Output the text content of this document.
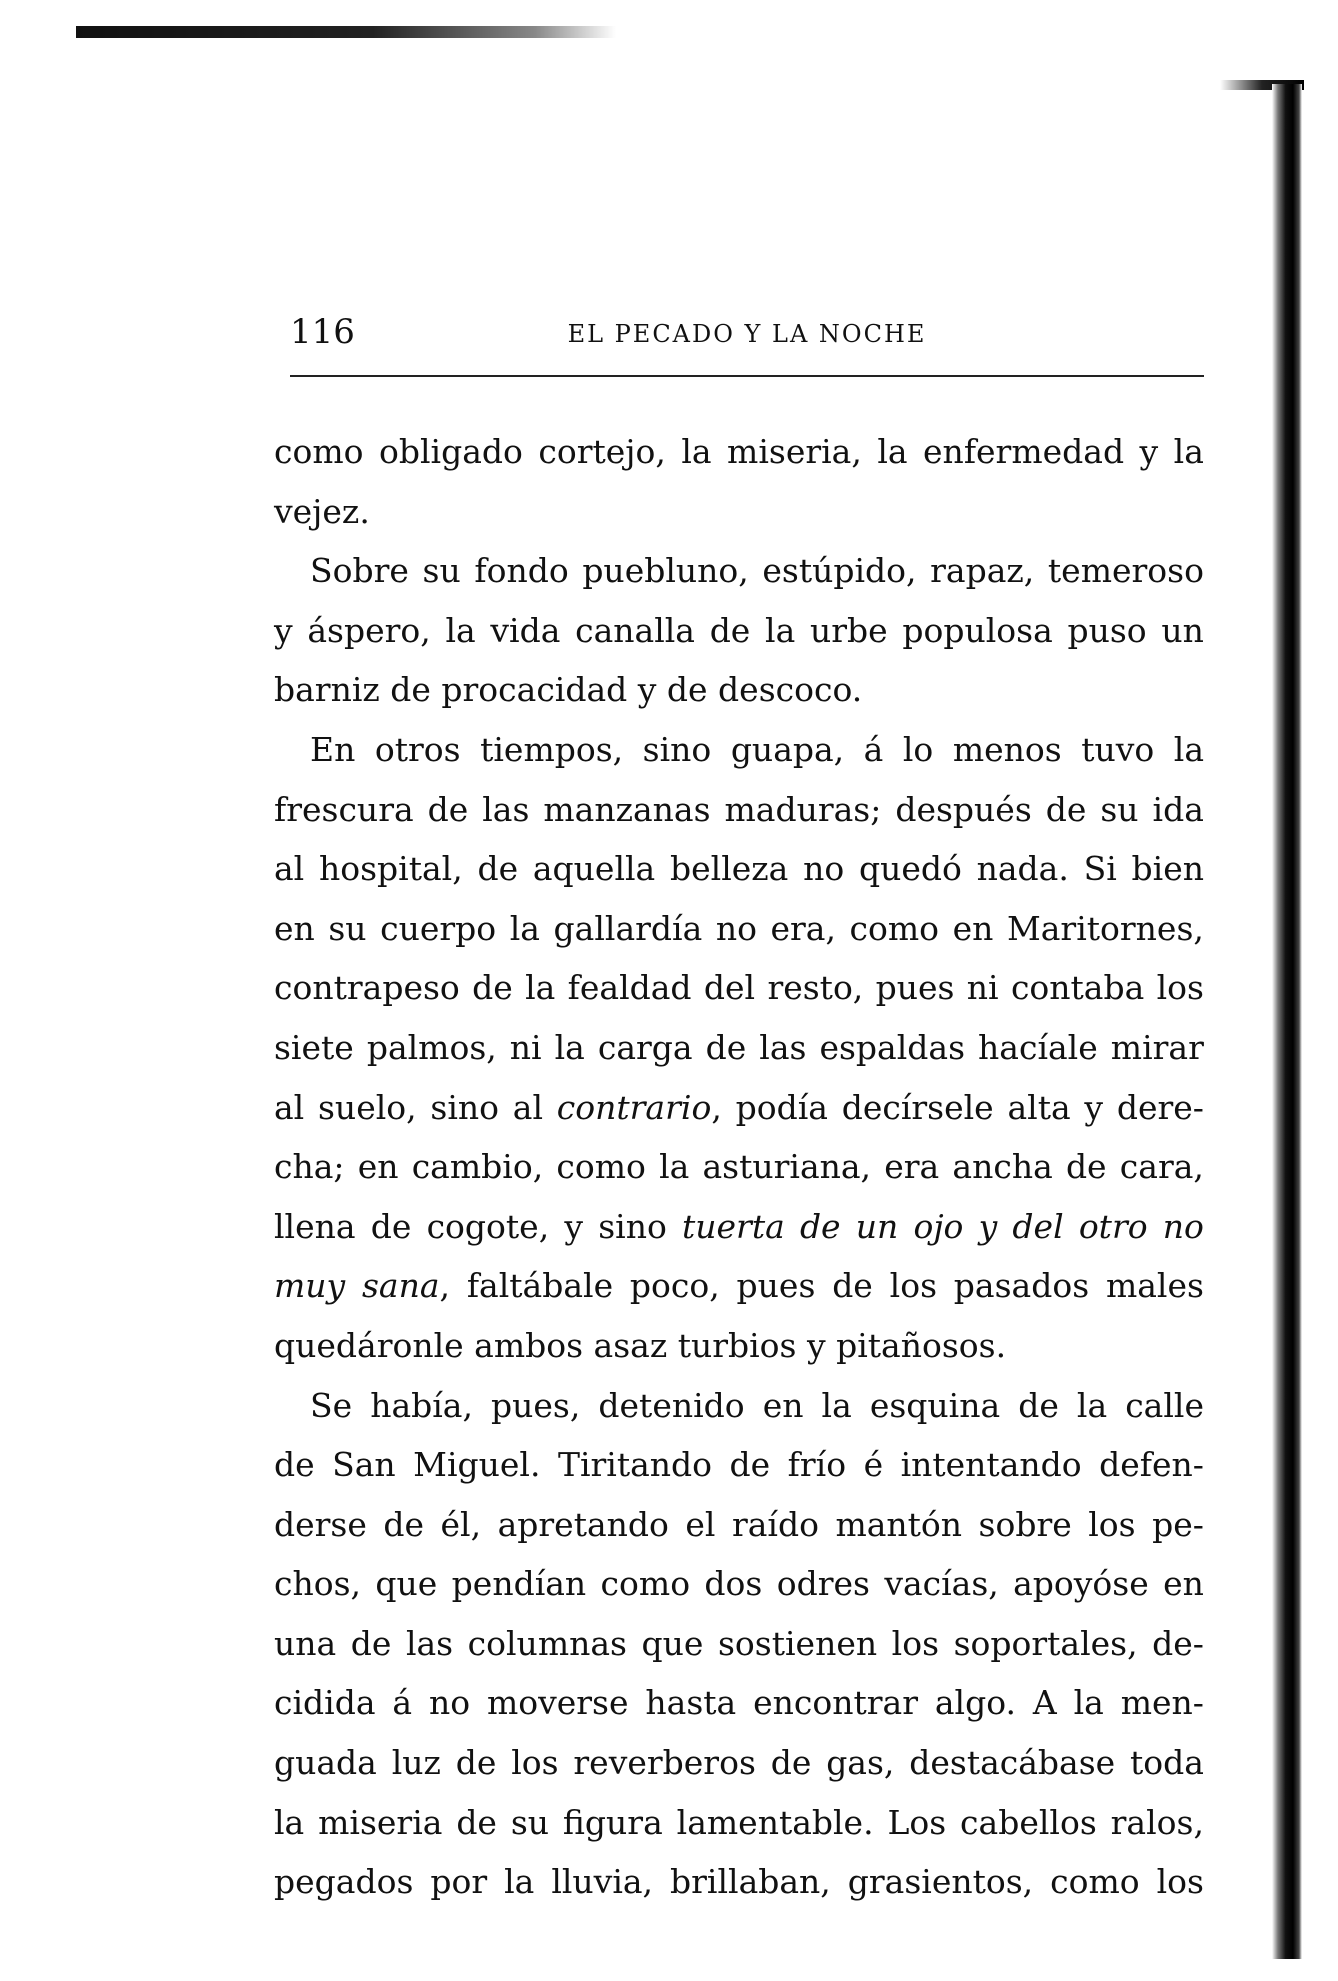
116	EL PECADO Y LA NOCHE
como obligado cortejo, la miseria, la enfermedad y la
vejez.
Sobre su fondo puebluno, estúpido, rapaz, temeroso
y áspero, la vida canalla de la urbe populosa puso un
barniz de procacidad y de descoco.
En otros tiempos, sino guapa, á lo menos tuvo la
frescura de las manzanas maduras; después de su ida
al hospital, de aquella belleza no quedó nada. Si bien
en su cuerpo la gallardía no era, como en Maritornes,
contrapeso de la fealdad del resto, pues ni contaba los
siete palmos, ni la carga de las espaldas hacíale mirar
al suelo, sino al contrario, podía decírsele alta y dere-
cha; en cambio, como la asturiana, era ancha de cara,
llena de cogote, y sino tuerta de un ojo y del otro no
muy sana, faltábale poco, pues de los pasados males
quedáronle ambos asaz turbios y pitañosos.
Se había, pues, detenido en la esquina de la calle
de San Miguel. Tiritando de frío é intentando defen-
derse de él, apretando el raído mantón sobre los pe-
chos, que pendían como dos odres vacías, apoyóse en
una de las columnas que sostienen los soportales, de-
cidida á no moverse hasta encontrar algo. A la men-
guada luz de los reverberos de gas, destacábase toda
la miseria de su figura lamentable. Los cabellos ralos,
pegados por la lluvia, brillaban, grasientos, como los
